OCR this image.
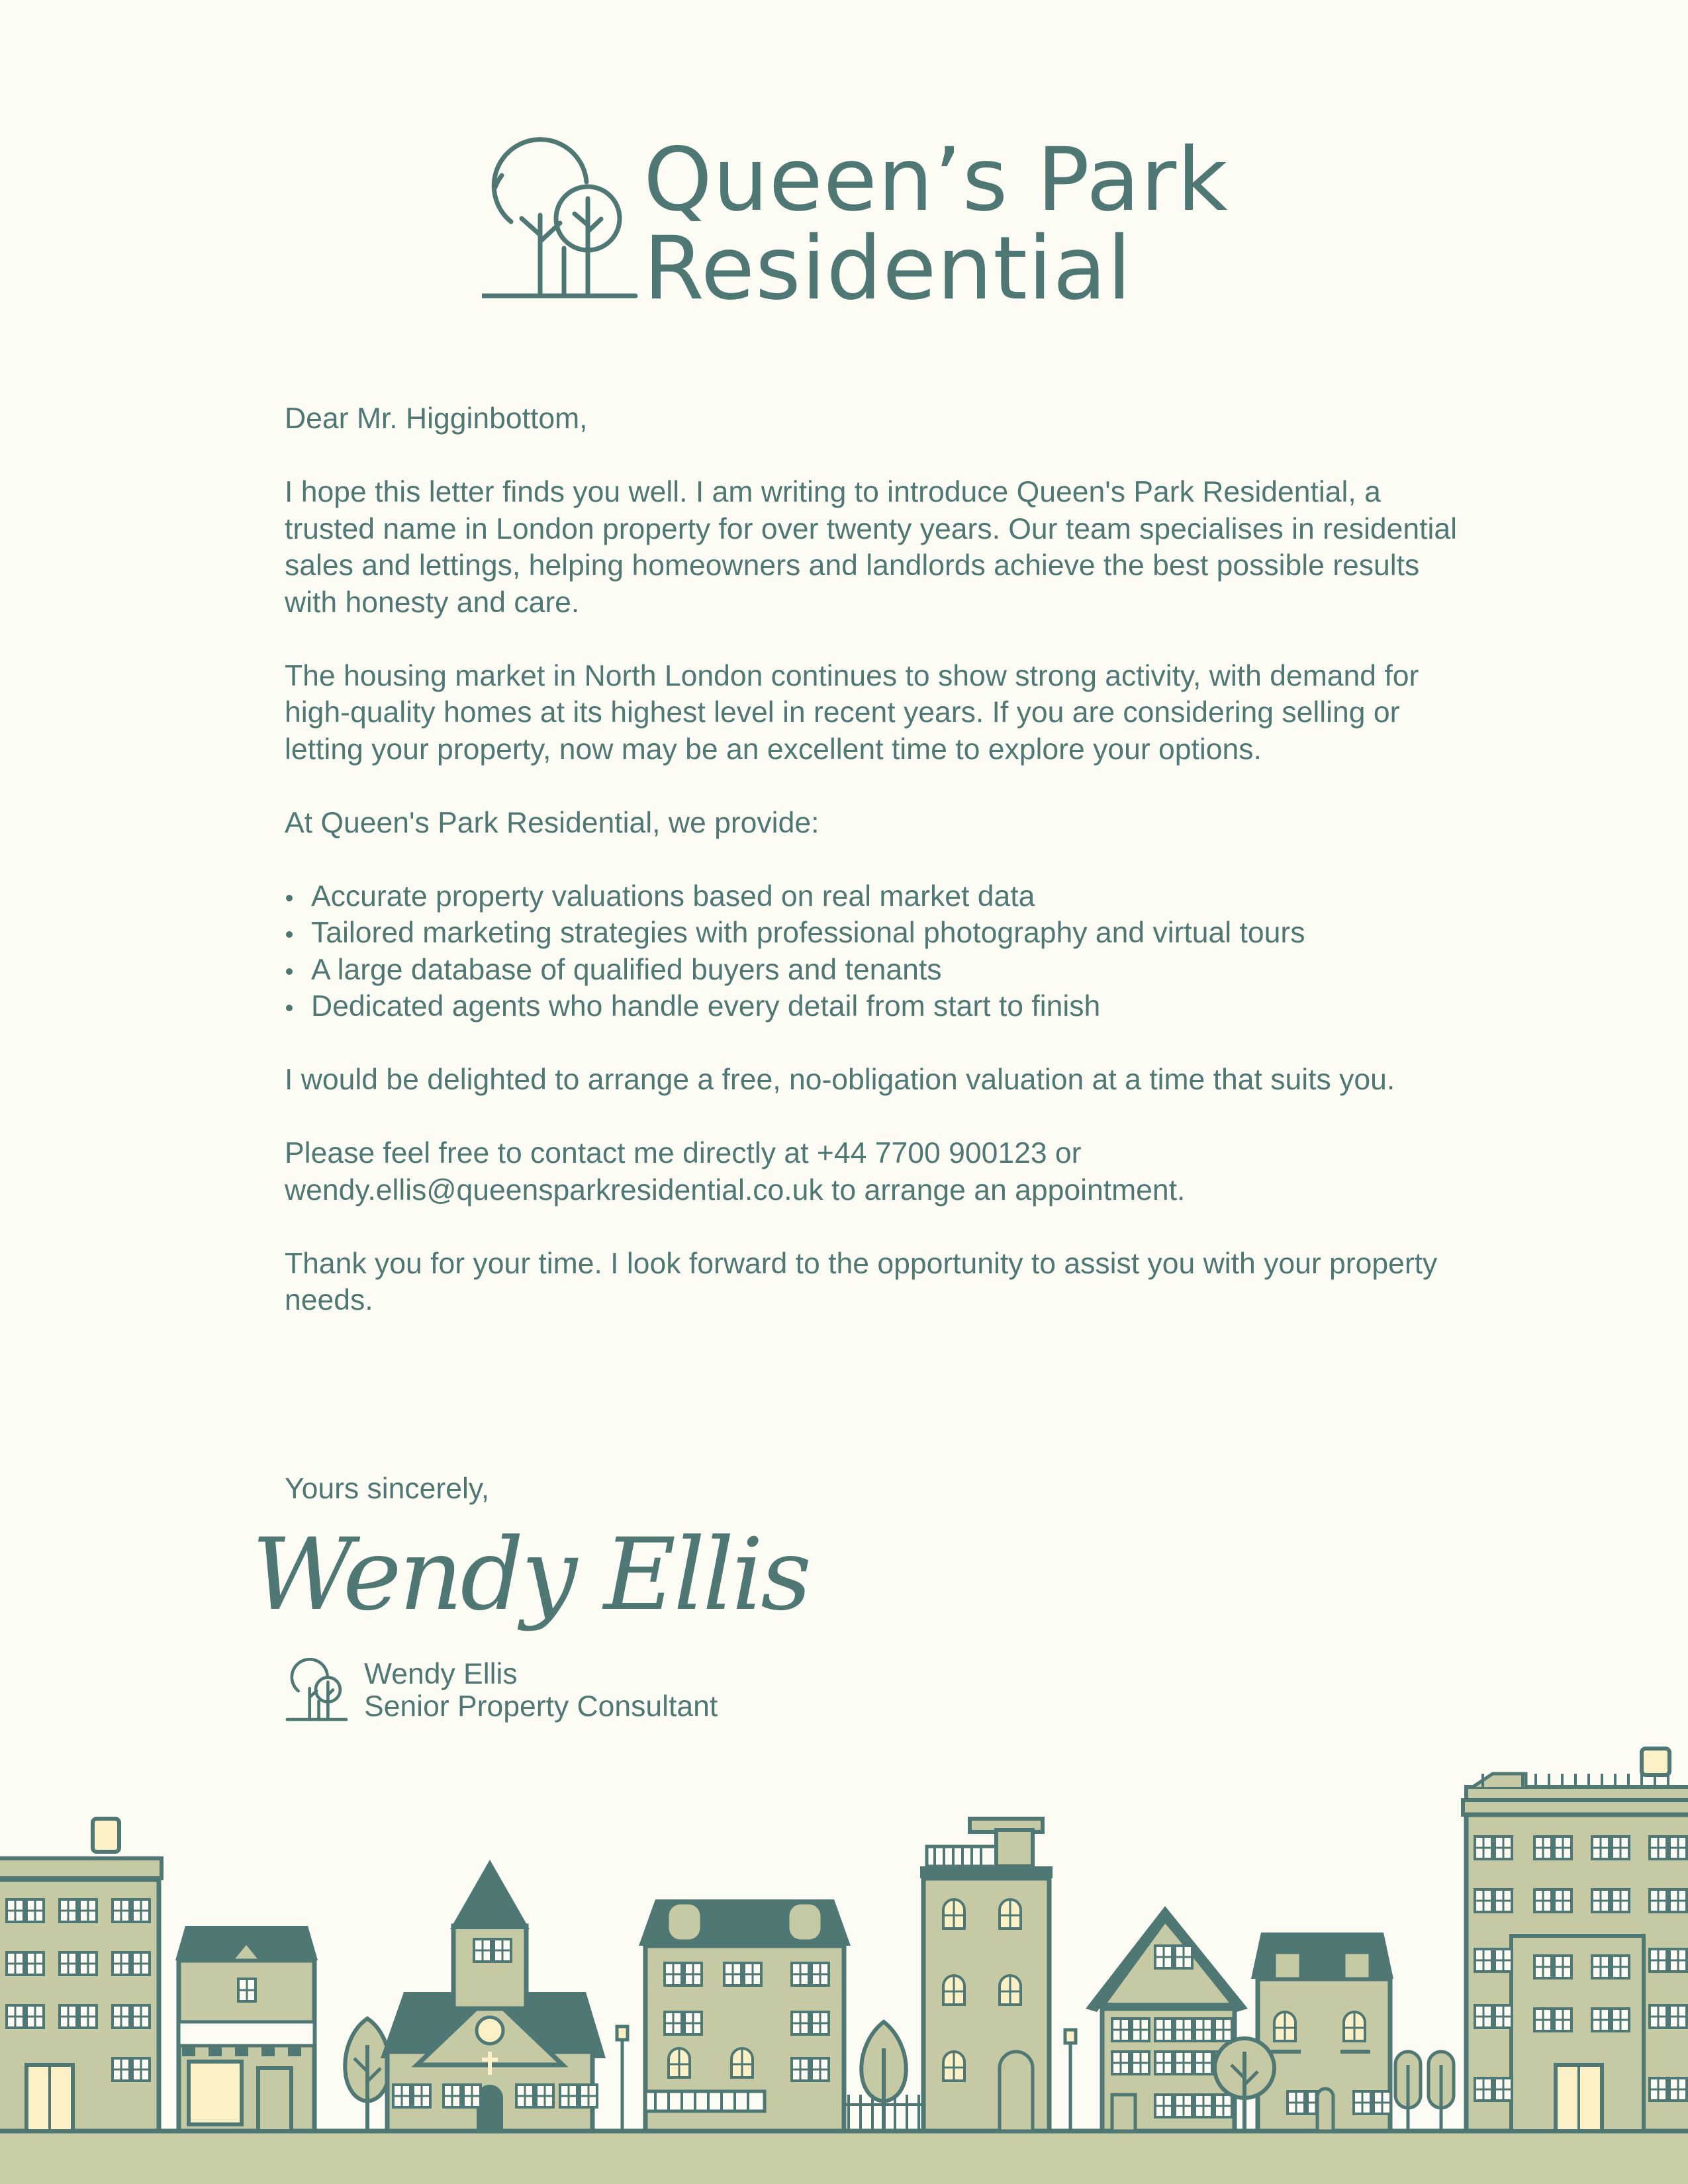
Queen’s Park
Residential

Dear Mr. Higginbottom,

I hope this letter finds you well. I am writing to introduce Queen's Park Residential, a trusted name in London property for over twenty years. Our team specialises in residential sales and lettings, helping homeowners and landlords achieve the best possible results with honesty and care.

The housing market in North London continues to show strong activity, with demand for high-quality homes at its highest level in recent years. If you are considering selling or letting your property, now may be an excellent time to explore your options.

At Queen's Park Residential, we provide:

Accurate property valuations based on real market data
Tailored marketing strategies with professional photography and virtual tours
A large database of qualified buyers and tenants
Dedicated agents who handle every detail from start to finish

I would be delighted to arrange a free, no-obligation valuation at a time that suits you.

Please feel free to contact me directly at +44 7700 900123 or wendy.ellis@queensparkresidential.co.uk to arrange an appointment.

Thank you for your time. I look forward to the opportunity to assist you with your property needs.

Yours sincerely,
Wendy Ellis
Wendy Ellis
Senior Property Consultant
